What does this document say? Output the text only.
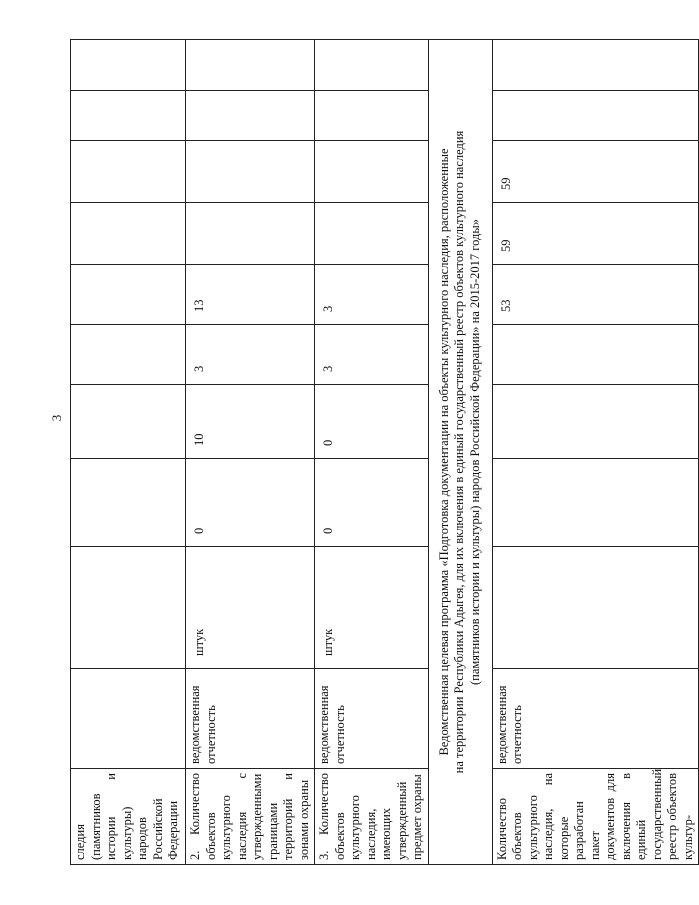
3
следия (памятников истории и культуры) народов Российской Федерации										
2. Количество объектов культурного наследия с утвержденными границами территорий и зонами охраны	ведомственная отчетность	штук	0	10	3	13				
3. Количество объектов культурного наследия, имеющих утвержденный предмет охраны	ведомственная отчетность	штук	0	0	3	3				

Ведомственная целевая программа «Подготовка документации на объекты культурного наследия, расположенные на территории Республики Адыгея, для их включения в единый государственный реестр объектов культурного наследия (памятников истории и культуры) народов Российской Федерации» на 2015-2017 годы»										

Количество объектов культурного наследия, на которые разработан пакет документов для включения в единый государственный реестр объектов культур-	ведомственная отчетность					53	59	59		
